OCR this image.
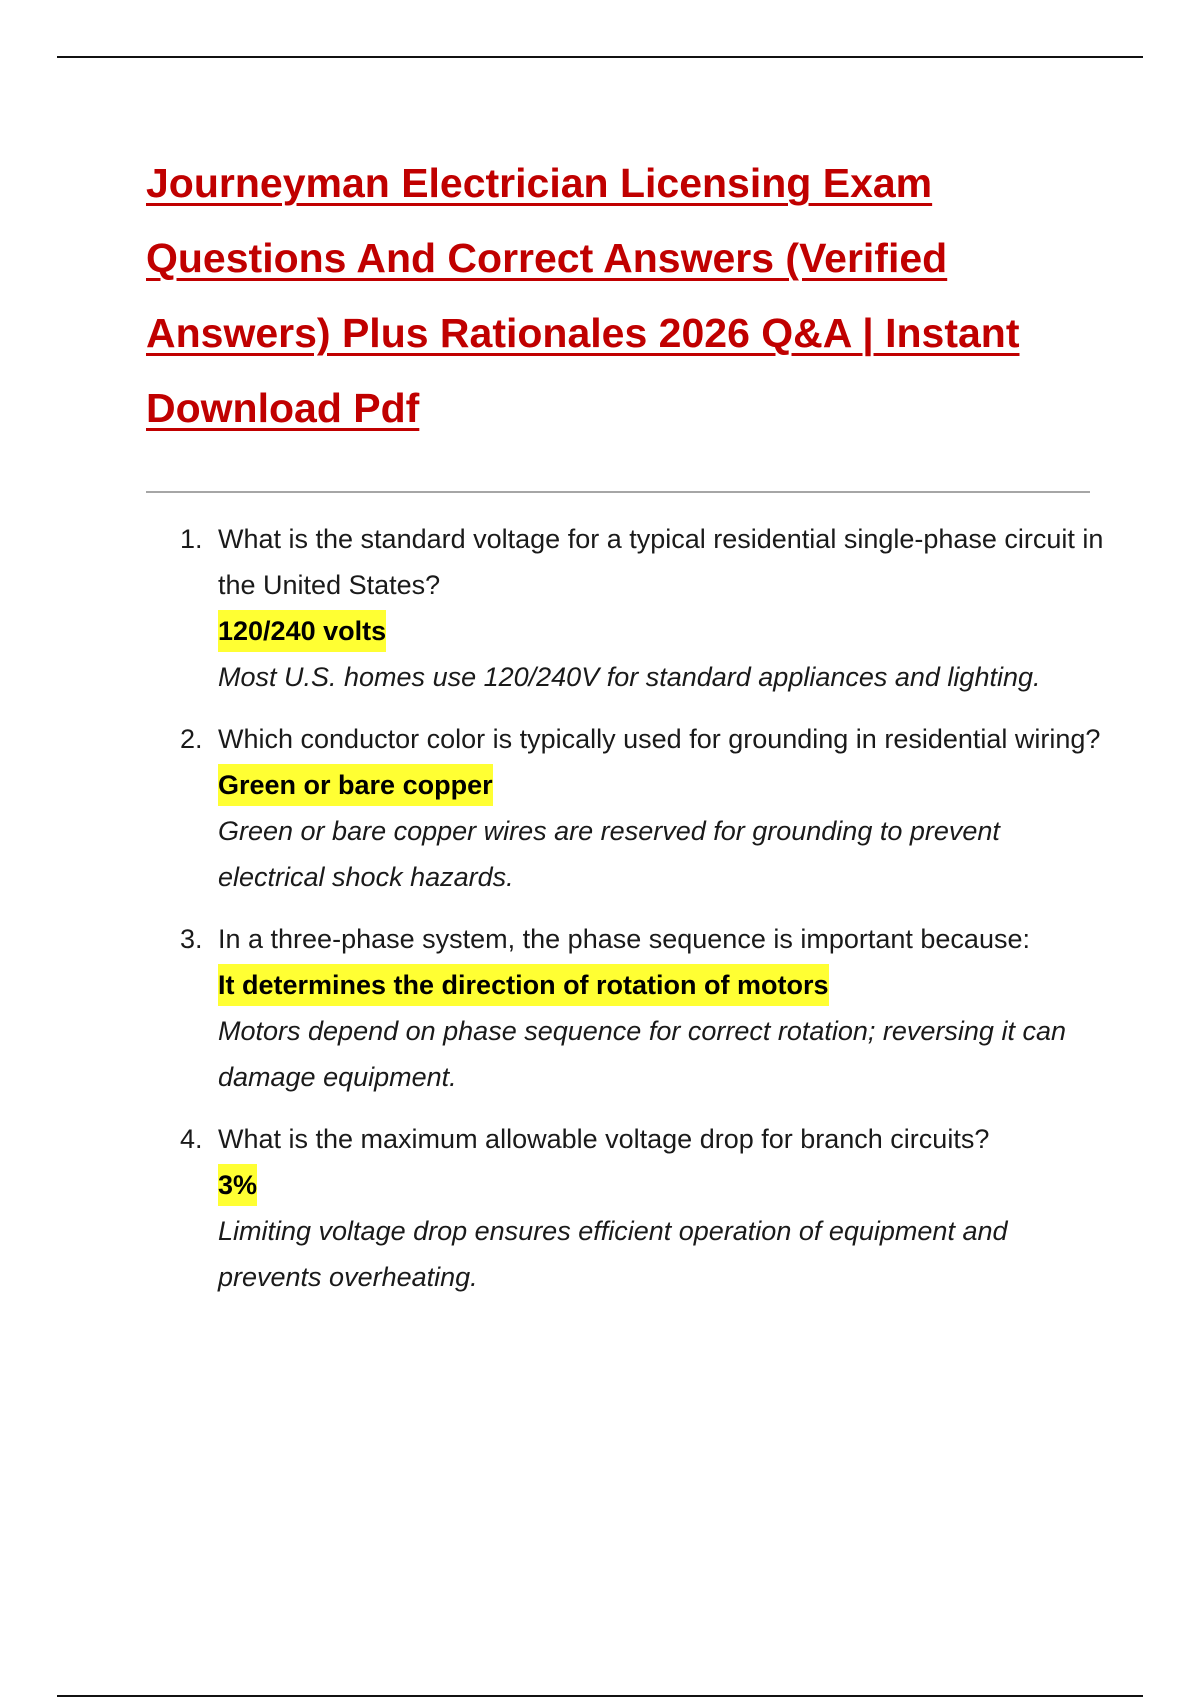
Journeyman Electrician Licensing Exam Questions And Correct Answers (Verified Answers) Plus Rationales 2026 Q&A | Instant Download Pdf
1. What is the standard voltage for a typical residential single-phase circuit in the United States?
120/240 volts
Most U.S. homes use 120/240V for standard appliances and lighting.
2. Which conductor color is typically used for grounding in residential wiring?
Green or bare copper
Green or bare copper wires are reserved for grounding to prevent electrical shock hazards.
3. In a three-phase system, the phase sequence is important because:
It determines the direction of rotation of motors
Motors depend on phase sequence for correct rotation; reversing it can damage equipment.
4. What is the maximum allowable voltage drop for branch circuits?
3%
Limiting voltage drop ensures efficient operation of equipment and prevents overheating.
